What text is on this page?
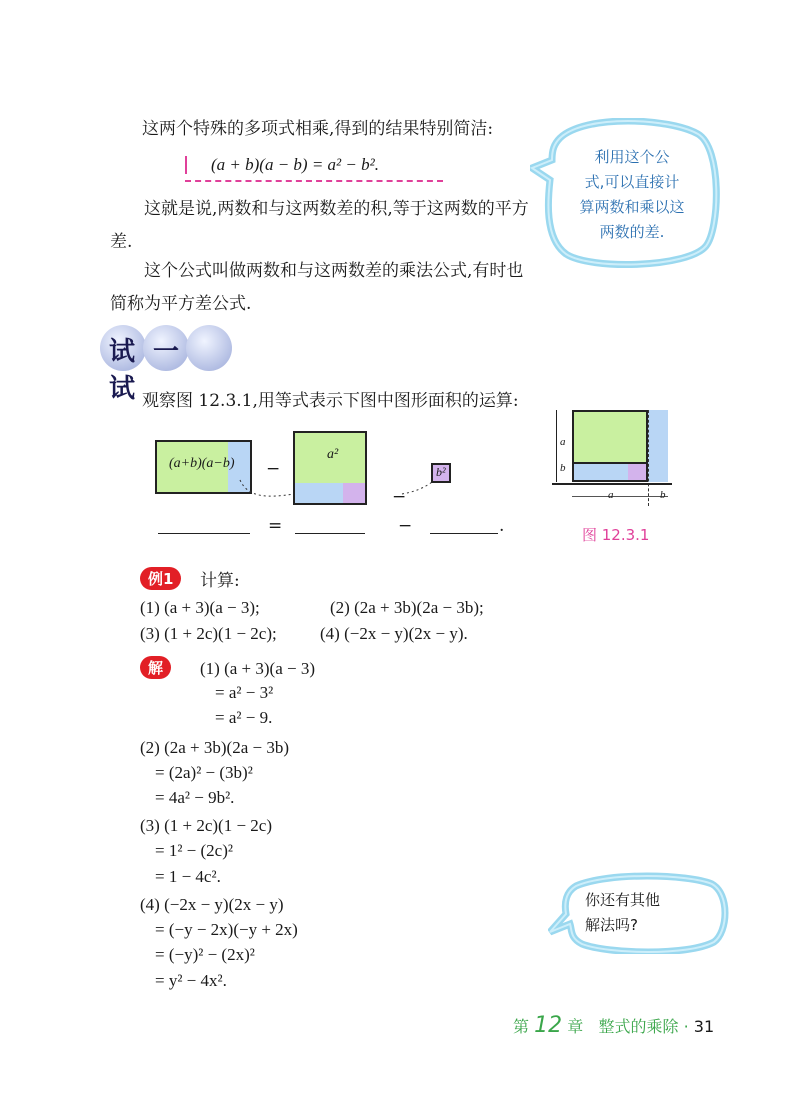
这两个特殊的多项式相乘,得到的结果特别简洁:
(a + b)(a − b) = a² − b².
这就是说,两数和与这两数差的积,等于这两数的平方差.
这个公式叫做两数和与这两数差的乘法公式,有时也简称为平方差公式.
利用这个公
式,可以直接计
算两数和乘以这
两数的差.
试一试
观察图 12.3.1,用等式表示下图中图形面积的运算:
(a+b)(a−b) −
a²
−
b²
=	−	.
a
b
a	b
图 12.3.1
例1	计算:
(1) (a + 3)(a − 3);	(2) (2a + 3b)(2a − 3b);
(3) (1 + 2c)(1 − 2c);	(4) (−2x − y)(2x − y).
解	(1) (a + 3)(a − 3)
= a² − 3²
= a² − 9.
(2) (2a + 3b)(2a − 3b)
= (2a)² − (3b)²
= 4a² − 9b².
(3) (1 + 2c)(1 − 2c)
= 1² − (2c)²
= 1 − 4c².
(4) (−2x − y)(2x − y)
= (−y − 2x)(−y + 2x)
= (−y)² − (2x)²
= y² − 4x².
你还有其他
解法吗?
第 12 章 整式的乘除 · 31
